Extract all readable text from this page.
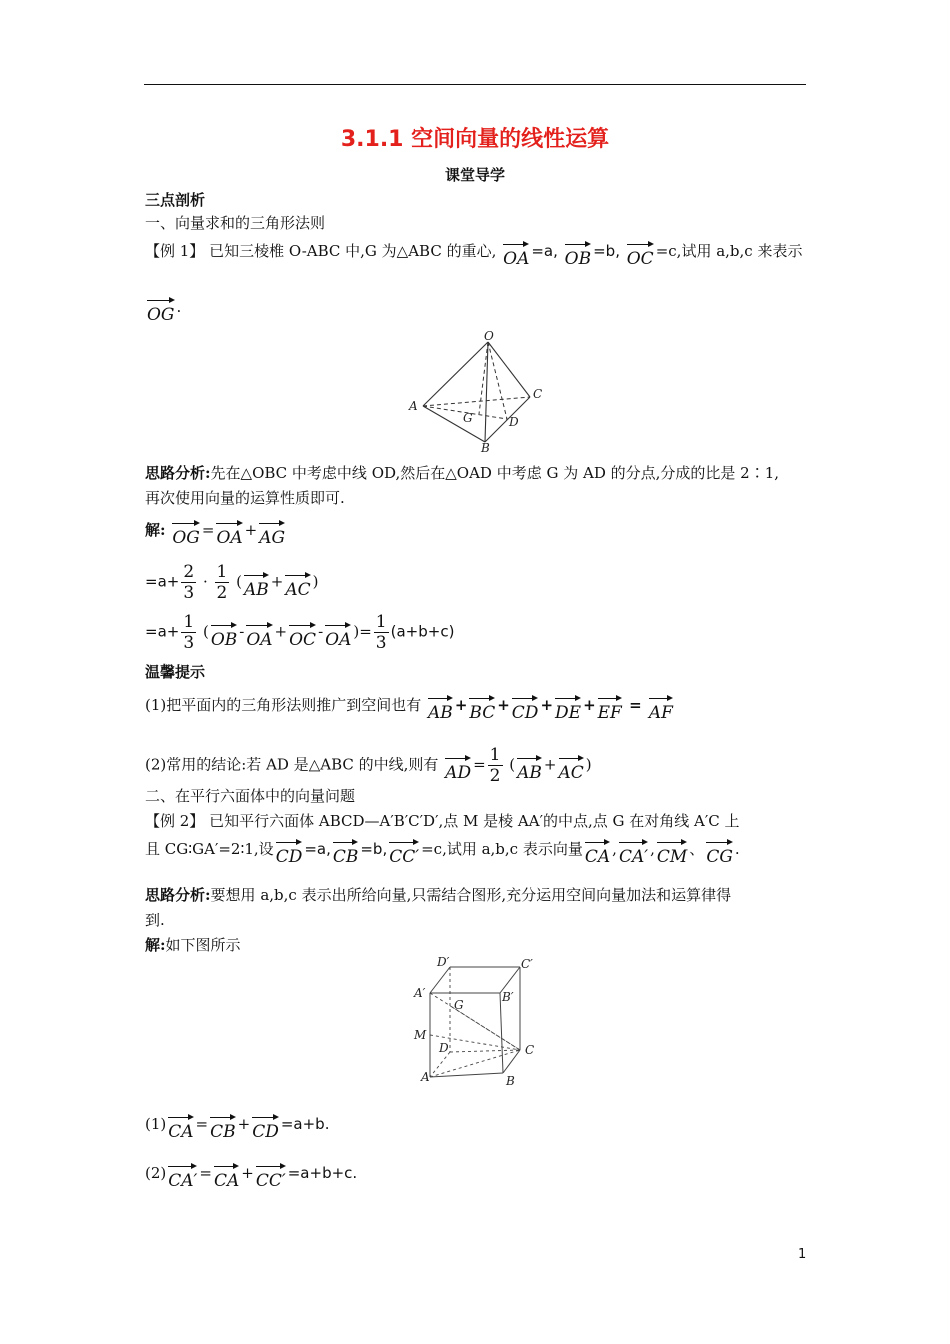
3.1.1 空间向量的线性运算
课堂导学
三点剖析
一、向量求和的三角形法则
【例 1】 已知三棱椎 O-ABC 中,G 为△ABC 的重心, OA =a, OB =b, OC =c,试用 a,b,c 来表示
OG .
O
A
B
C
D
G
思路分析:先在△OBC 中考虑中线 OD,然后在△OAD 中考虑 G 为 AD 的分点,分成的比是 2∶1,
再次使用向量的运算性质即可.
解: OG = OA + AG
$=a+ \frac{2}{3} \cdot \frac{1}{2}$ ( AB + AC )
$=a+ \frac{1}{3}$ ( OB - OA + OC - OA )= $\frac{1}{3} (a+b+c)$
温馨提示
(1)把平面内的三角形法则推广到空间也有 AB + BC + CD + DE + EF = AF
(2)常用的结论:若 AD 是△ABC 的中线,则有 AD = $\frac{1}{2}$ ( AB + AC )
二、在平行六面体中的向量问题
【例 2】 已知平行六面体 ABCD—A′B′C′D′,点 M 是棱 AA′的中点,点 G 在对角线 A′C 上
且 CG∶GA′=2∶1,设 CD =a, CB =b, CC′ =c,试用 a,b,c 表示向量 CA , CA′ , CM 、 CG .
思路分析:要想用 a,b,c 表示出所给向量,只需结合图形,充分运用空间向量加法和运算律得
到.
解:如下图所示
D′	C′
A′	B′
G
M
D	C
A	B
(1) CA = CB + CD =a+b.
(2) CA′ = CA + CC′ =a+b+c.
1
